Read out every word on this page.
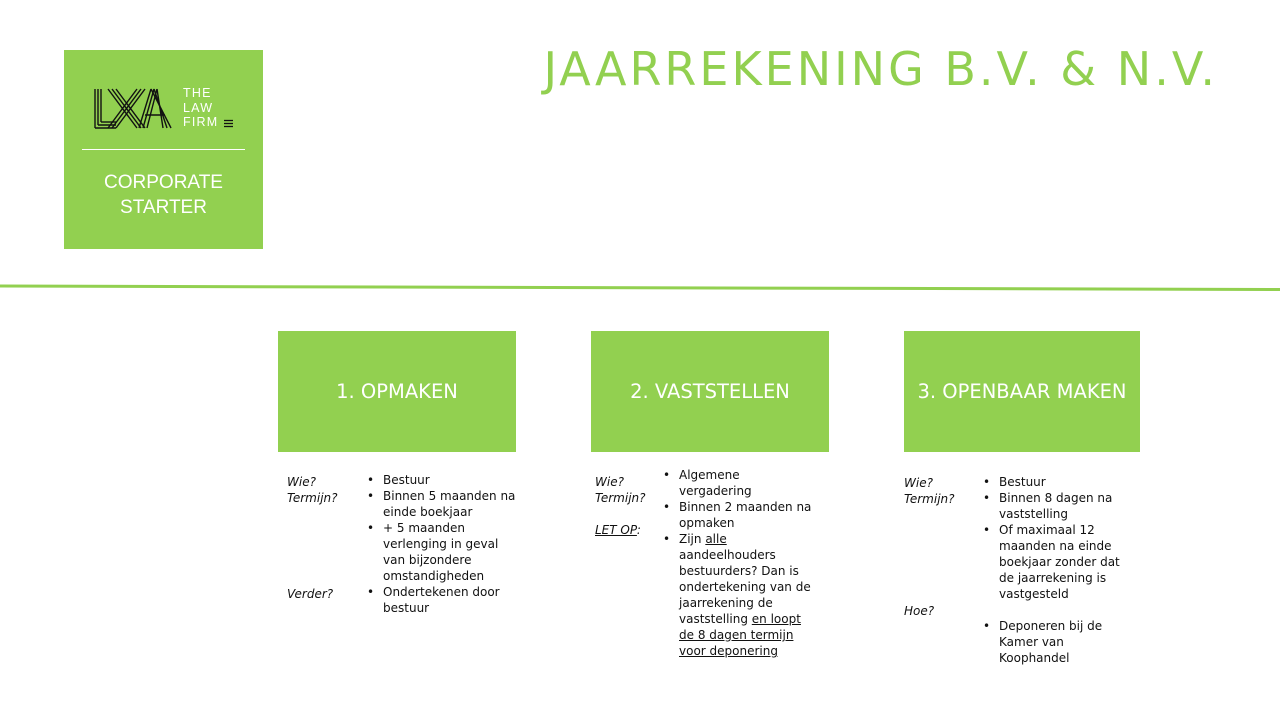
THE
LAW
FIRM
CORPORATE
STARTER
JAARREKENING B.V. & N.V.
1. OPMAKEN
Wie?
Termijn?
Verder?
• Bestuur
• Binnen 5 maanden na einde boekjaar
• + 5 maanden verlenging in geval van bijzondere omstandigheden
• Ondertekenen door bestuur
2. VASTSTELLEN
Wie?
Termijn?
LET OP:
• Algemene vergadering
• Binnen 2 maanden na opmaken
• Zijn alle aandeelhouders bestuurders? Dan is ondertekening van de jaarrekening de vaststelling en loopt de 8 dagen termijn voor deponering
3. OPENBAAR MAKEN
Wie?
Termijn?
Hoe?
• Bestuur
• Binnen 8 dagen na vaststelling
• Of maximaal 12 maanden na einde boekjaar zonder dat de jaarrekening is vastgesteld
• Deponeren bij de Kamer van Koophandel
